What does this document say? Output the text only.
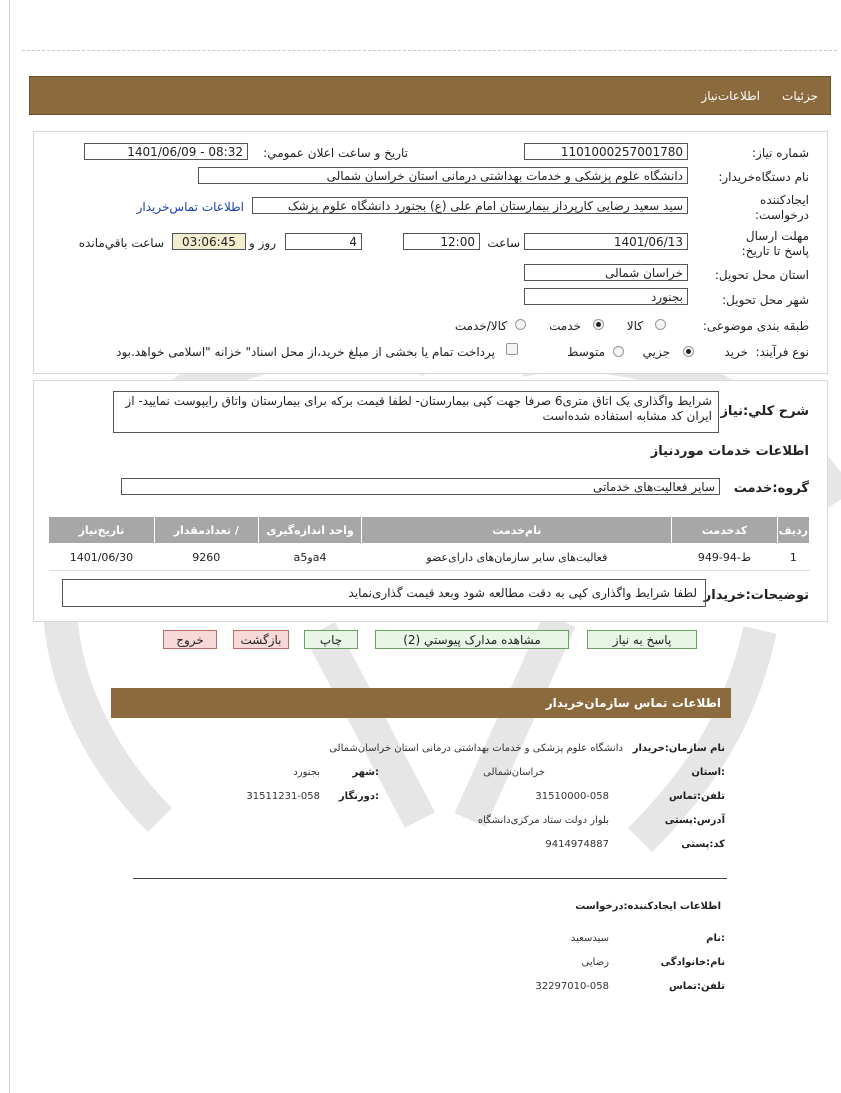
جزئیات
اطلاعات‌نیاز
شماره نیاز:
1101000257001780
تاریخ و ساعت اعلان عمومي:
1401/06/09 - 08:32
نام دستگاه‌خریدار:
دانشگاه علوم پزشکی و خدمات بهداشتی درمانی استان خراسان شمالی
ایجادکننده درخواست:
سید سعید رضایی کارپرداز بیمارستان امام علی (ع) بجنورد دانشگاه علوم پزشک
اطلاعات تماس‌خریدار
مهلت ارسال پاسخ تا تاریخ:
1401/06/13
ساعت
12:00
4
روز و
03:06:45
ساعت باقي‌مانده
استان محل تحویل:
خراسان شمالی
شهر محل تحویل:
بجنورد
طبقه بندی موضوعی:
کالا
خدمت
کالا/خدمت
نوع فرآیند:
خرید
جزیي
متوسط
پرداخت تمام یا بخشی از مبلغ خرید،از محل اسناد" خزانه "اسلامی خواهد.بود
شرح کلي:نیاز
شرایط واگذاری یک اتاق متری6 صرفا جهت کپی بیمارستان- لطفا قیمت برکه برای بیمارستان واتاق رایپوست نمایید- از ایران کد مشابه استفاده شده‌است
اطلاعات خدمات موردنیاز
گروه:خدمت
سایر فعالیت‌های خدماتی
ردیف	کدخدمت	نام‌خدمت	واحد اندازه‌گیری	/ تعدادمقدار	تاریخ‌نیاز
1	ط-94-949	فعالیت‌های سایر سازمان‌های دارای‌عضو	a4وa5	9260	1401/06/30
توضیحات:خریدار
لطفا شرایط واگذاری کپی به دقت مطالعه شود وبعد قیمت گذاری‌نماید
پاسخ به نیاز
مشاهده مدارک پیوستي (2)
چاپ
بازگشت
خروج
اطلاعات تماس سازمان‌خریدار
نام سازمان:خریدار
دانشگاه علوم پزشکی و خدمات بهداشتی درمانی استان خراسان‌شمالی
:استان
خراسان‌شمالی
:شهر
بجنورد
تلفن:تماس
31510000-058
:دورنگار
31511231-058
آدرس:پستی
بلوار دولت ستاد مرکزی‌دانشگاه
کد:پستی
9414974887
اطلاعات ایجادکننده:درخواست
:نام
سیدسعید
نام:خانوادگی
رضایی
تلفن:تماس
32297010-058
